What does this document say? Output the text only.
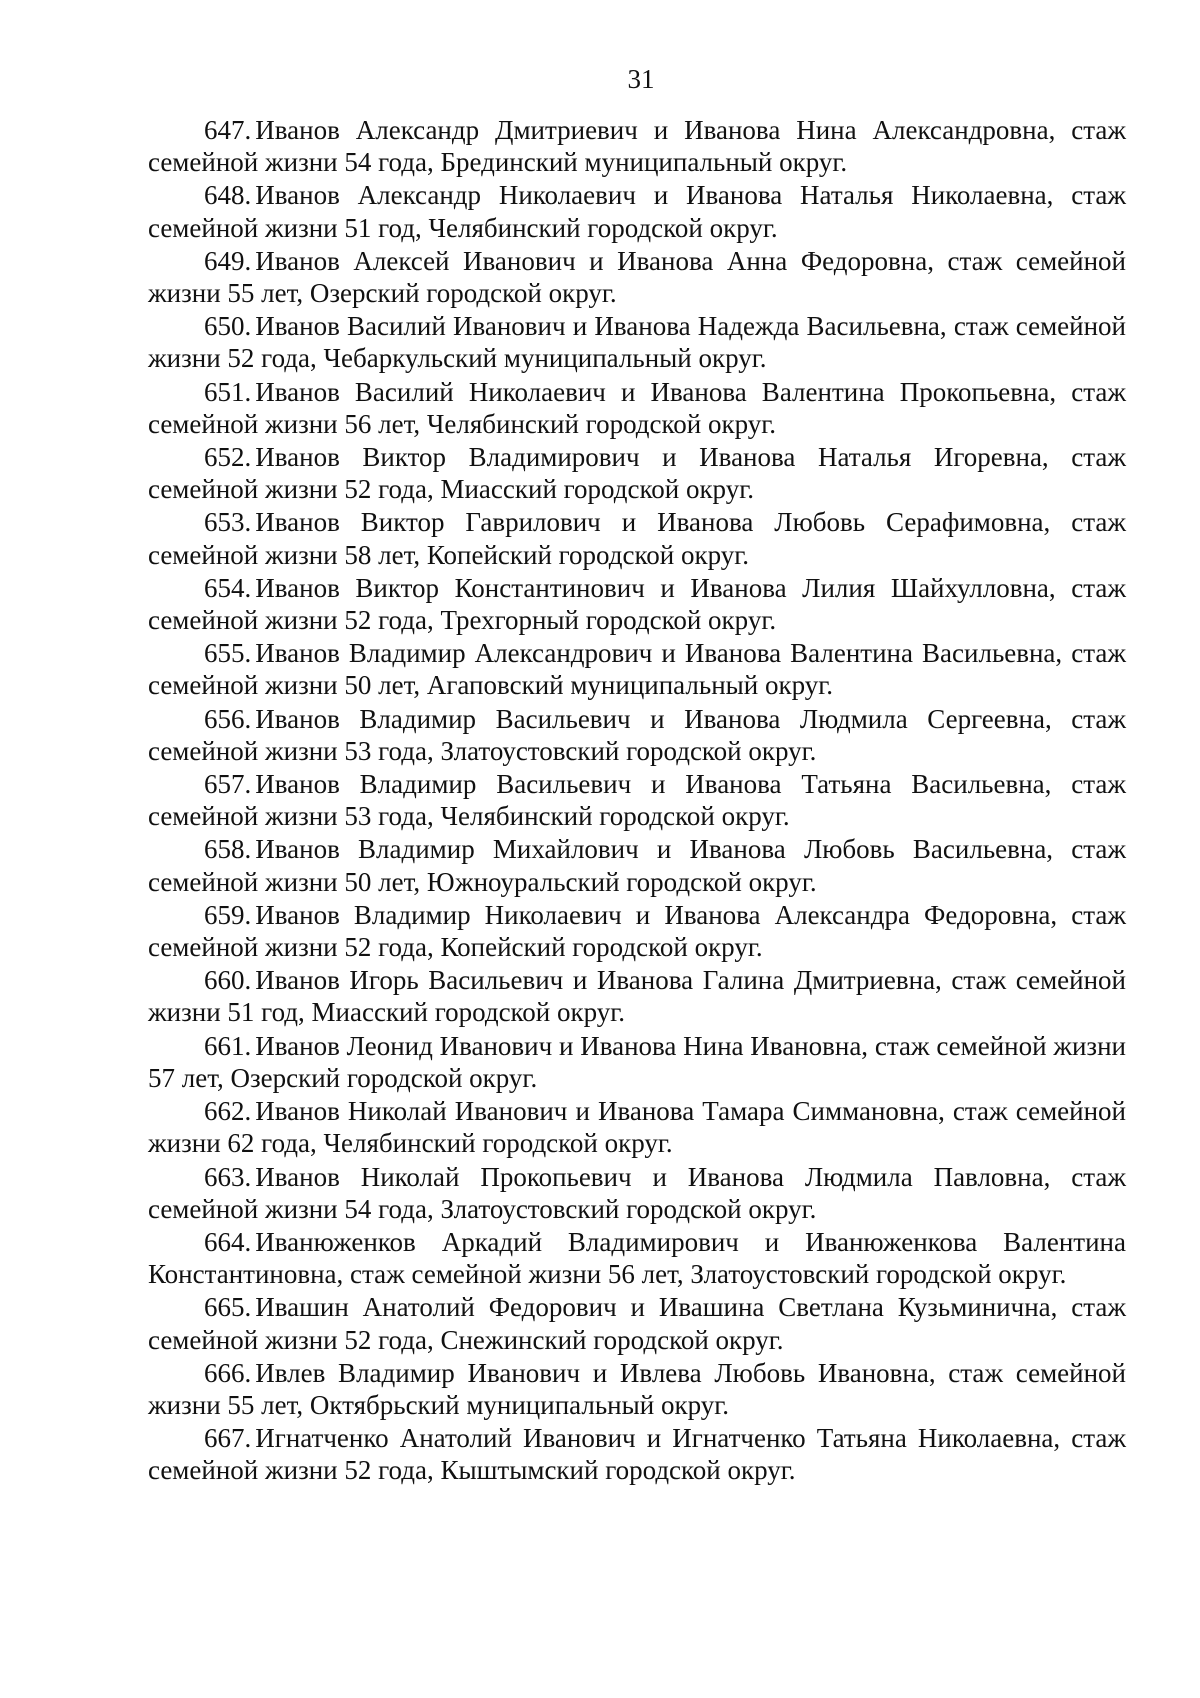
31

647. Иванов Александр Дмитриевич и Иванова Нина Александровна, стаж семейной жизни 54 года, Брединский муниципальный округ.

648. Иванов Александр Николаевич и Иванова Наталья Николаевна, стаж семейной жизни 51 год, Челябинский городской округ.

649. Иванов Алексей Иванович и Иванова Анна Федоровна, стаж семейной жизни 55 лет, Озерский городской округ.

650. Иванов Василий Иванович и Иванова Надежда Васильевна, стаж семейной жизни 52 года, Чебаркульский муниципальный округ.

651. Иванов Василий Николаевич и Иванова Валентина Прокопьевна, стаж семейной жизни 56 лет, Челябинский городской округ.

652. Иванов Виктор Владимирович и Иванова Наталья Игоревна, стаж семейной жизни 52 года, Миасский городской округ.

653. Иванов Виктор Гаврилович и Иванова Любовь Серафимовна, стаж семейной жизни 58 лет, Копейский городской округ.

654. Иванов Виктор Константинович и Иванова Лилия Шайхулловна, стаж семейной жизни 52 года, Трехгорный городской округ.

655. Иванов Владимир Александрович и Иванова Валентина Васильевна, стаж семейной жизни 50 лет, Агаповский муниципальный округ.

656. Иванов Владимир Васильевич и Иванова Людмила Сергеевна, стаж семейной жизни 53 года, Златоустовский городской округ.

657. Иванов Владимир Васильевич и Иванова Татьяна Васильевна, стаж семейной жизни 53 года, Челябинский городской округ.

658. Иванов Владимир Михайлович и Иванова Любовь Васильевна, стаж семейной жизни 50 лет, Южноуральский городской округ.

659. Иванов Владимир Николаевич и Иванова Александра Федоровна, стаж семейной жизни 52 года, Копейский городской округ.

660. Иванов Игорь Васильевич и Иванова Галина Дмитриевна, стаж семейной жизни 51 год, Миасский городской округ.

661. Иванов Леонид Иванович и Иванова Нина Ивановна, стаж семейной жизни 57 лет, Озерский городской округ.

662. Иванов Николай Иванович и Иванова Тамара Симмановна, стаж семейной жизни 62 года, Челябинский городской округ.

663. Иванов Николай Прокопьевич и Иванова Людмила Павловна, стаж семейной жизни 54 года, Златоустовский городской округ.

664. Иванюженков Аркадий Владимирович и Иванюженкова Валентина Константиновна, стаж семейной жизни 56 лет, Златоустовский городской округ.

665. Ивашин Анатолий Федорович и Ивашина Светлана Кузьминична, стаж семейной жизни 52 года, Снежинский городской округ.

666. Ивлев Владимир Иванович и Ивлева Любовь Ивановна, стаж семейной жизни 55 лет, Октябрьский муниципальный округ.

667. Игнатченко Анатолий Иванович и Игнатченко Татьяна Николаевна, стаж семейной жизни 52 года, Кыштымский городской округ.
